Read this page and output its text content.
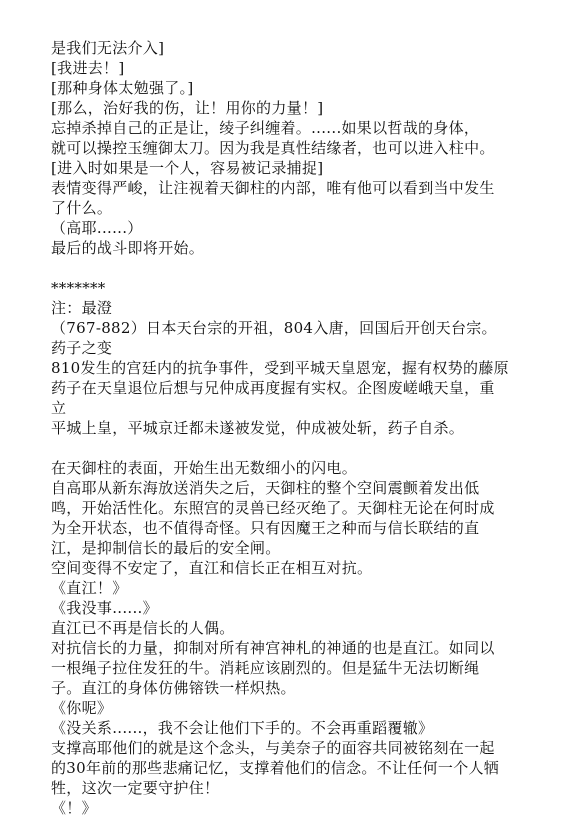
是我们无法介入]
[我进去！]
[那种身体太勉强了。]
[那么，治好我的伤，让！用你的力量！]
忘掉杀掉自己的正是让，绫子纠缠着。......如果以哲哉的身体，
就可以操控玉缠御太刀。因为我是真性结缘者，也可以进入柱中。
[进入时如果是一个人，容易被记录捕捉]
表情变得严峻，让注视着天御柱的内部，唯有他可以看到当中发生
了什么。
（高耶......）
最后的战斗即将开始。
*******
注：最澄
（767-882）日本天台宗的开祖，804入唐，回国后开创天台宗。
药子之变
810发生的宫廷内的抗争事件，受到平城天皇恩宠，握有权势的藤原
药子在天皇退位后想与兄仲成再度握有实权。企图废嵯峨天皇，重
立
平城上皇，平城京迁都未遂被发觉，仲成被处斩，药子自杀。
在天御柱的表面，开始生出无数细小的闪电。
自高耶从新东海放送消失之后，天御柱的整个空间震颤着发出低
鸣，开始活性化。东照宫的灵兽已经灭绝了。天御柱无论在何时成
为全开状态，也不值得奇怪。只有因魔王之种而与信长联结的直
江，是抑制信长的最后的安全闸。
空间变得不安定了，直江和信长正在相互对抗。
《直江！》
《我没事......》
直江已不再是信长的人偶。
对抗信长的力量，抑制对所有神宫神札的神通的也是直江。如同以
一根绳子拉住发狂的牛。消耗应该剧烈的。但是猛牛无法切断绳
子。直江的身体仿佛镕铁一样炽热。
《你呢》
《没关系......，我不会让他们下手的。不会再重蹈覆辙》
支撑高耶他们的就是这个念头，与美奈子的面容共同被铭刻在一起
的30年前的那些悲痛记忆，支撑着他们的信念。不让任何一个人牺
牲，这次一定要守护住！
《！》
